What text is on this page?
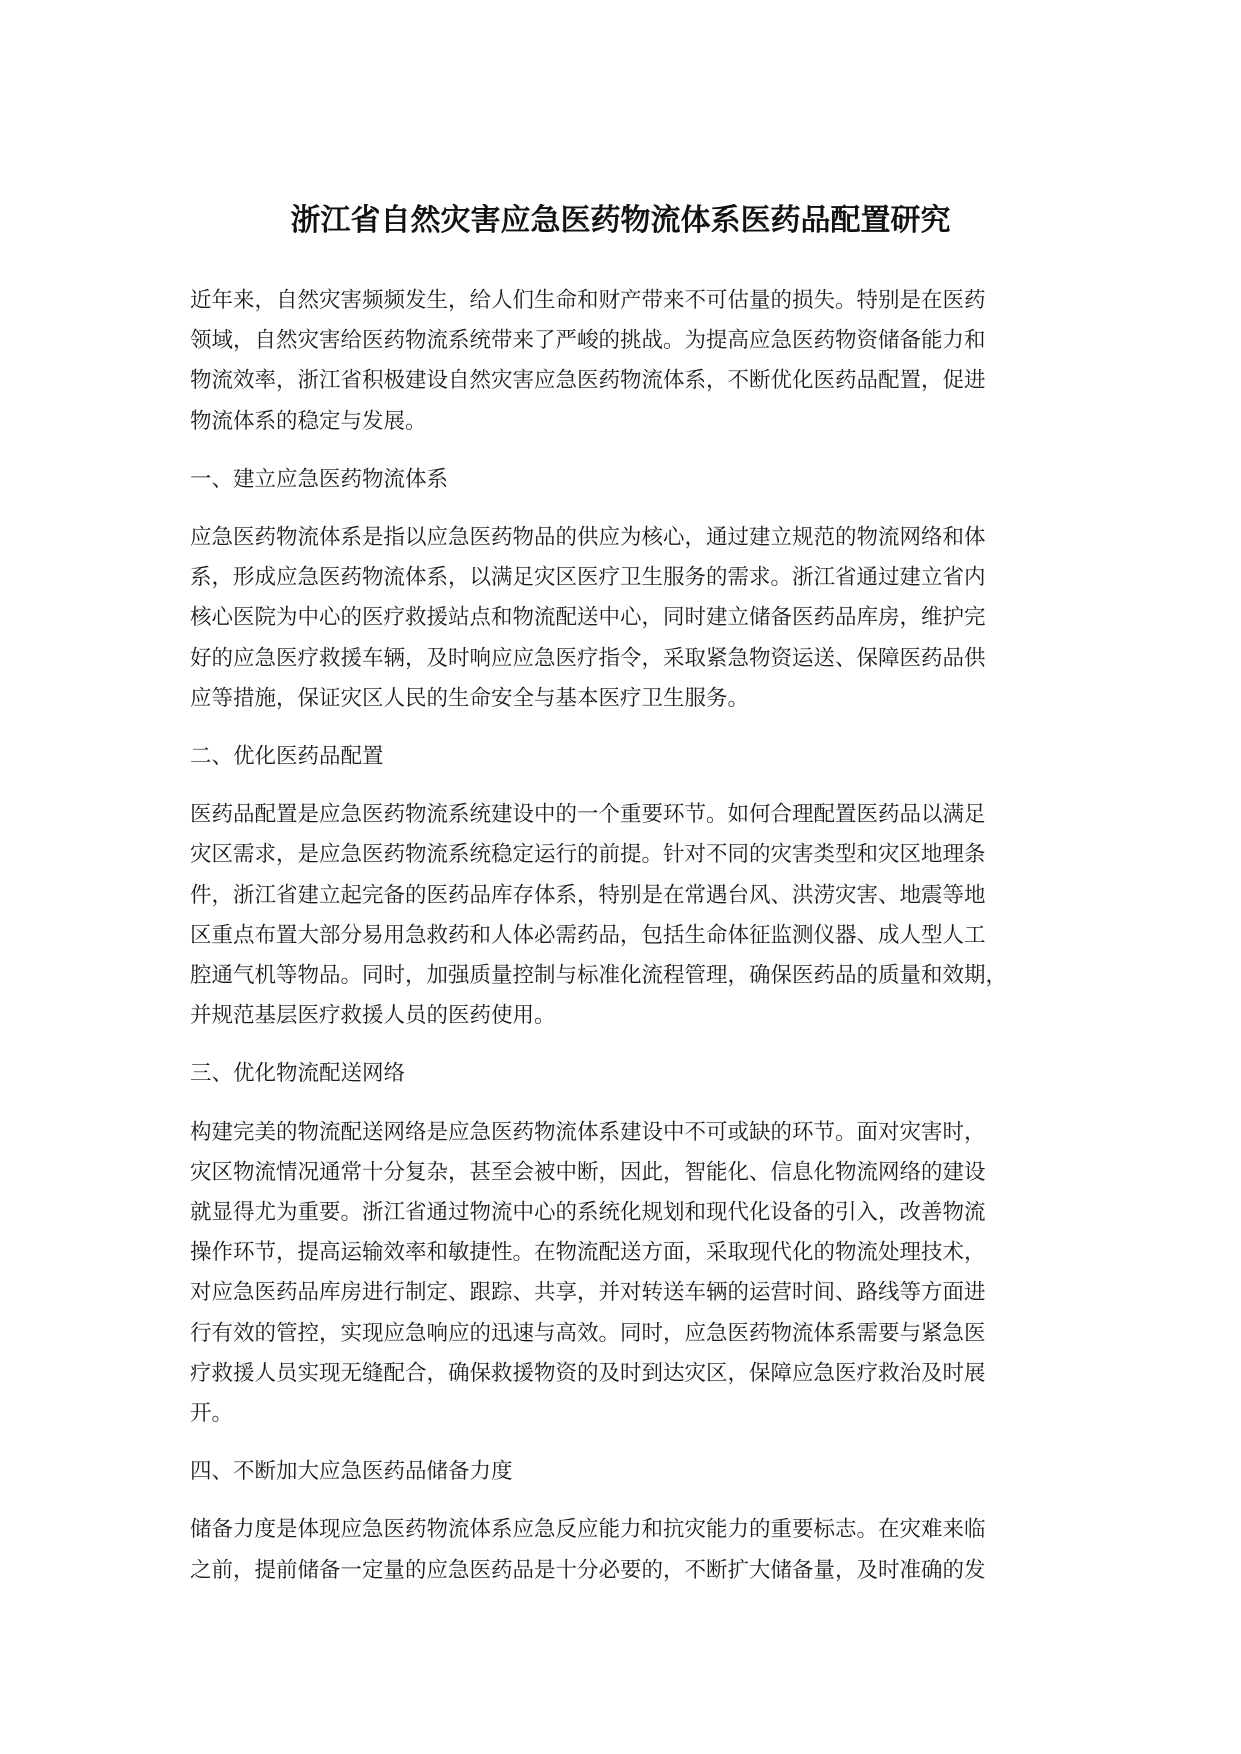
浙江省自然灾害应急医药物流体系医药品配置研究

近年来，自然灾害频频发生，给人们生命和财产带来不可估量的损失。特别是在医药
领域，自然灾害给医药物流系统带来了严峻的挑战。为提高应急医药物资储备能力和
物流效率，浙江省积极建设自然灾害应急医药物流体系，不断优化医药品配置，促进
物流体系的稳定与发展。

一、建立应急医药物流体系

应急医药物流体系是指以应急医药物品的供应为核心，通过建立规范的物流网络和体
系，形成应急医药物流体系，以满足灾区医疗卫生服务的需求。浙江省通过建立省内
核心医院为中心的医疗救援站点和物流配送中心，同时建立储备医药品库房，维护完
好的应急医疗救援车辆，及时响应应急医疗指令，采取紧急物资运送、保障医药品供
应等措施，保证灾区人民的生命安全与基本医疗卫生服务。

二、优化医药品配置

医药品配置是应急医药物流系统建设中的一个重要环节。如何合理配置医药品以满足
灾区需求，是应急医药物流系统稳定运行的前提。针对不同的灾害类型和灾区地理条
件，浙江省建立起完备的医药品库存体系，特别是在常遇台风、洪涝灾害、地震等地
区重点布置大部分易用急救药和人体必需药品，包括生命体征监测仪器、成人型人工
腔通气机等物品。同时，加强质量控制与标准化流程管理，确保医药品的质量和效期，
并规范基层医疗救援人员的医药使用。

三、优化物流配送网络

构建完美的物流配送网络是应急医药物流体系建设中不可或缺的环节。面对灾害时，
灾区物流情况通常十分复杂，甚至会被中断，因此，智能化、信息化物流网络的建设
就显得尤为重要。浙江省通过物流中心的系统化规划和现代化设备的引入，改善物流
操作环节，提高运输效率和敏捷性。在物流配送方面，采取现代化的物流处理技术，
对应急医药品库房进行制定、跟踪、共享，并对转送车辆的运营时间、路线等方面进
行有效的管控，实现应急响应的迅速与高效。同时，应急医药物流体系需要与紧急医
疗救援人员实现无缝配合，确保救援物资的及时到达灾区，保障应急医疗救治及时展
开。

四、不断加大应急医药品储备力度

储备力度是体现应急医药物流体系应急反应能力和抗灾能力的重要标志。在灾难来临
之前，提前储备一定量的应急医药品是十分必要的，不断扩大储备量，及时准确的发
